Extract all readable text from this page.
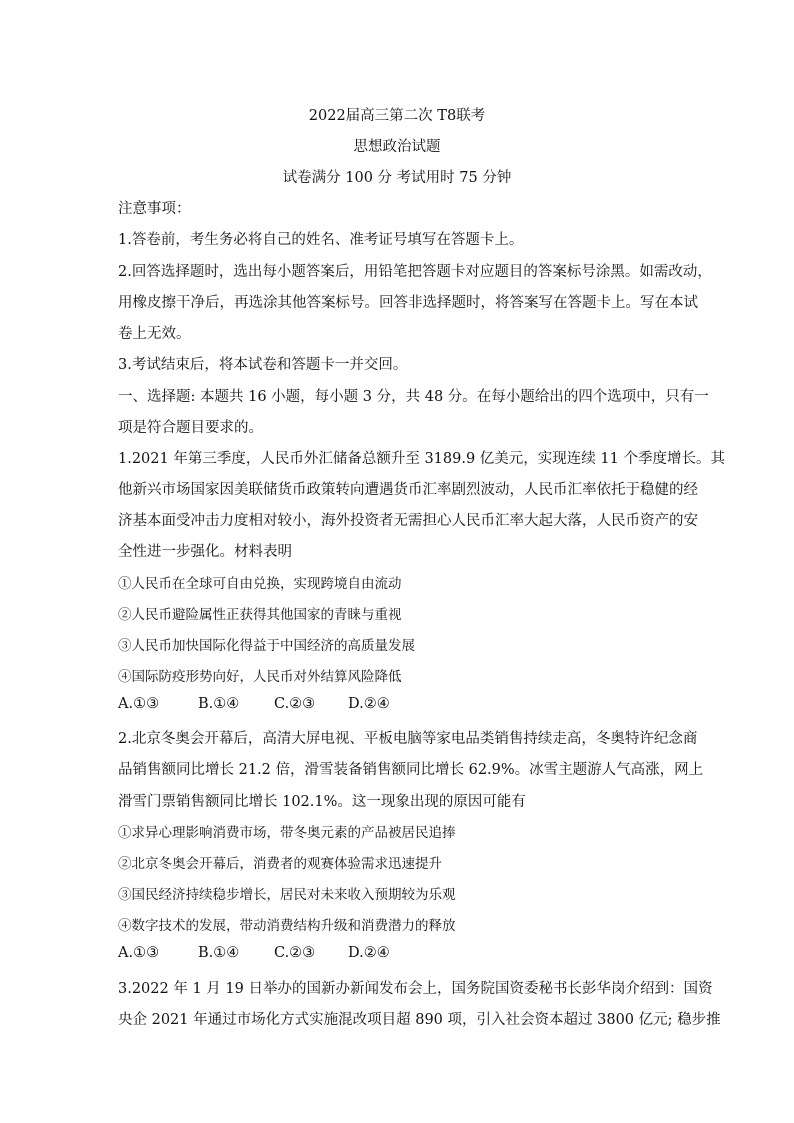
2022届高三第二次 T8联考
思想政治试题
试卷满分 100 分 考试用时 75 分钟
注意事项：
1.答卷前，考生务必将自己的姓名、准考证号填写在答题卡上。
2.回答选择题时，选出每小题答案后，用铅笔把答题卡对应题目的答案标号涂黑。如需改动，
用橡皮擦干净后，再选涂其他答案标号。回答非选择题时，将答案写在答题卡上。写在本试
卷上无效。
3.考试结束后，将本试卷和答题卡一并交回。
一、选择题: 本题共 16 小题，每小题 3 分，共 48 分。在每小题给出的四个选项中，只有一
项是符合题目要求的。
1.2021 年第三季度，人民币外汇储备总额升至 3189.9 亿美元，实现连续 11 个季度增长。其
他新兴市场国家因美联储货币政策转向遭遇货币汇率剧烈波动，人民币汇率依托于稳健的经
济基本面受冲击力度相对较小，海外投资者无需担心人民币汇率大起大落，人民币资产的安
全性进一步强化。材料表明
①人民币在全球可自由兑换，实现跨境自由流动
②人民币避险属性正获得其他国家的青睐与重视
③人民币加快国际化得益于中国经济的高质量发展
④国际防疫形势向好，人民币对外结算风险降低
A.①③	B.①④ C.②③ D.②④
2.北京冬奥会开幕后，高清大屏电视、平板电脑等家电品类销售持续走高，冬奥特许纪念商
品销售额同比增长 21.2 倍，滑雪装备销售额同比增长 62.9%。冰雪主题游人气高涨，网上
滑雪门票销售额同比增长 102.1%。这一现象出现的原因可能有
①求异心理影响消费市场，带冬奥元素的产品被居民追捧
②北京冬奥会开幕后，消费者的观赛体验需求迅速提升
③国民经济持续稳步增长，居民对未来收入预期较为乐观
④数字技术的发展，带动消费结构升级和消费潜力的释放
A.①③	B.①④ C.②③ D.②④
3.2022 年 1 月 19 日举办的国新办新闻发布会上，国务院国资委秘书长彭华岗介绍到：国资
央企 2021 年通过市场化方式实施混改项目超 890 项，引入社会资本超过 3800 亿元; 稳步推
